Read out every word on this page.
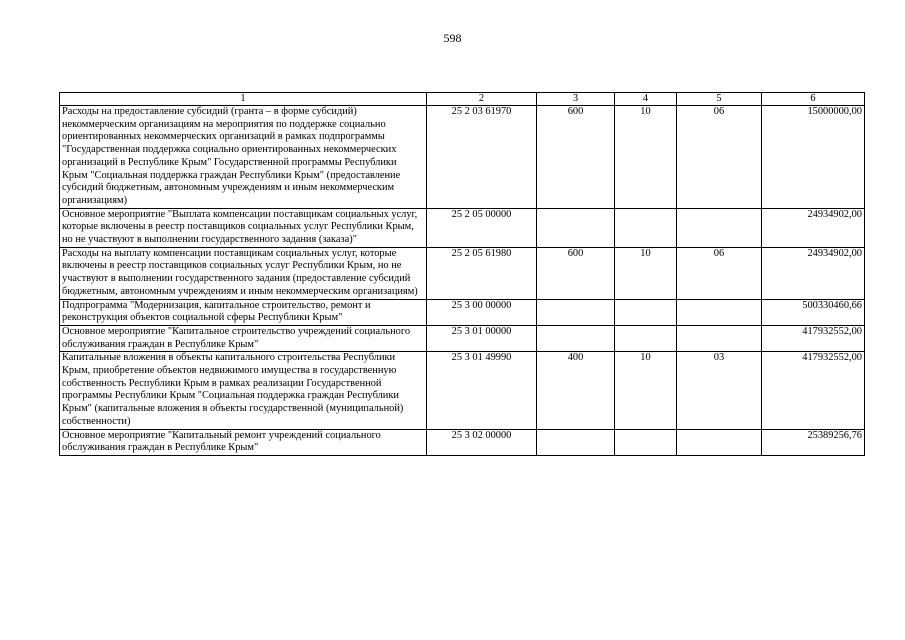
598
1	2	3	4	5	6
Расходы на предоставление субсидий (гранта – в форме субсидий) некоммерческим организациям на мероприятия по поддержке социально ориентированных некоммерческих организаций в рамках подпрограммы "Государственная поддержка социально ориентированных некоммерческих организаций в Республике Крым" Государственной программы Республики Крым "Социальная поддержка граждан Республики Крым" (предоставление субсидий бюджетным, автономным учреждениям и иным некоммерческим организациям)	25 2 03 61970	600	10	06	15000000,00
Основное мероприятие "Выплата компенсации поставщикам социальных услуг, которые включены в реестр поставщиков социальных услуг Республики Крым, но не участвуют в выполнении государственного задания (заказа)"	25 2 05 00000				24934902,00
Расходы на выплату компенсации поставщикам социальных услуг, которые включены в реестр поставщиков социальных услуг Республики Крым, но не участвуют в выполнении государственного задания (предоставление субсидий бюджетным, автономным учреждениям и иным некоммерческим организациям)	25 2 05 61980	600	10	06	24934902,00
Подпрограмма "Модернизация, капитальное строительство, ремонт и реконструкция объектов социальной сферы Республики Крым"	25 3 00 00000				500330460,66
Основное мероприятие "Капитальное строительство учреждений социального обслуживания граждан в Республике Крым"	25 3 01 00000				417932552,00
Капитальные вложения в объекты капитального строительства Республики Крым, приобретение объектов недвижимого имущества в государственную собственность Республики Крым в рамках реализации Государственной программы Республики Крым "Социальная поддержка граждан Республики Крым" (капитальные вложения в объекты государственной (муниципальной) собственности)	25 3 01 49990	400	10	03	417932552,00
Основное мероприятие "Капитальный ремонт учреждений социального обслуживания граждан в Республике Крым"	25 3 02 00000				25389256,76
